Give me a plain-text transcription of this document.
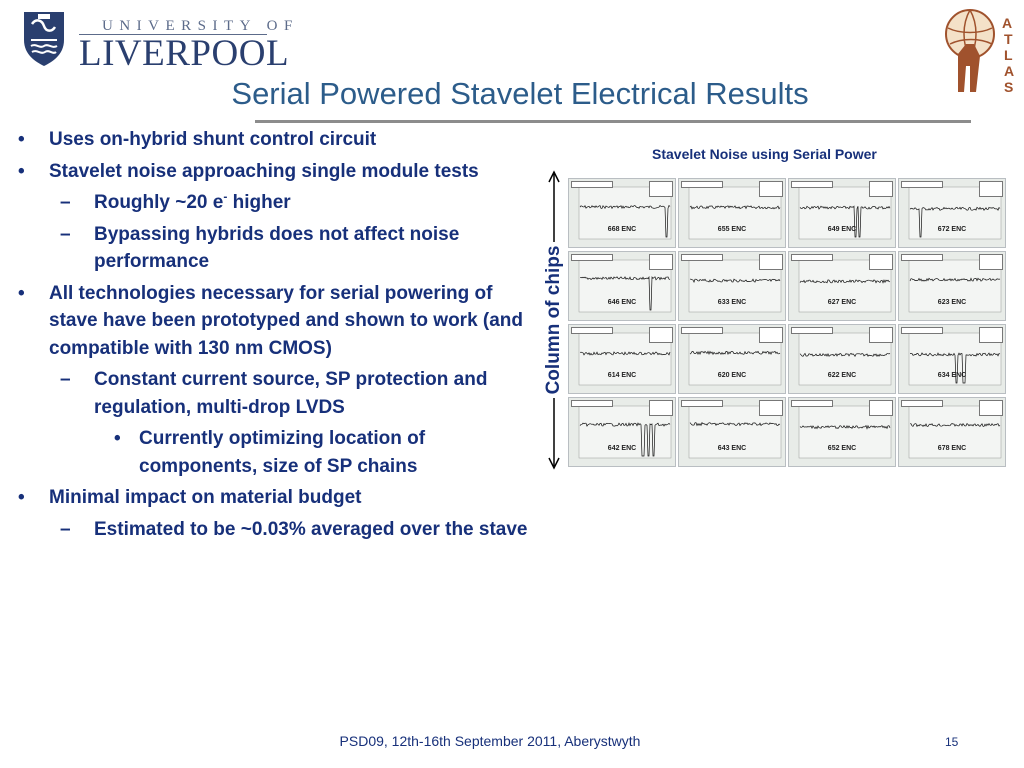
UNIVERSITY OF
LIVERPOOL
A
T
L
A
S
Serial Powered Stavelet Electrical Results
• Uses on-hybrid shunt control circuit
• Stavelet noise approaching single module tests
– Roughly ~20 e- higher
– Bypassing hybrids does not affect noise performance
• All technologies necessary for serial powering of stave have been prototyped and shown to work (and compatible with 130 nm CMOS)
– Constant current source, SP protection and regulation, multi-drop LVDS
• Currently optimizing location of components, size of SP chains
• Minimal impact on material budget
– Estimated to be ~0.03% averaged over the stave
Stavelet Noise using Serial Power
Column of chips
668 ENC	655 ENC	649 ENC	672 ENC
646 ENC	633 ENC	627 ENC	623 ENC
614 ENC	620 ENC	622 ENC	634 ENC
642 ENC	643 ENC	652 ENC	678 ENC
PSD09, 12th-16th September 2011, Aberystwyth	15
